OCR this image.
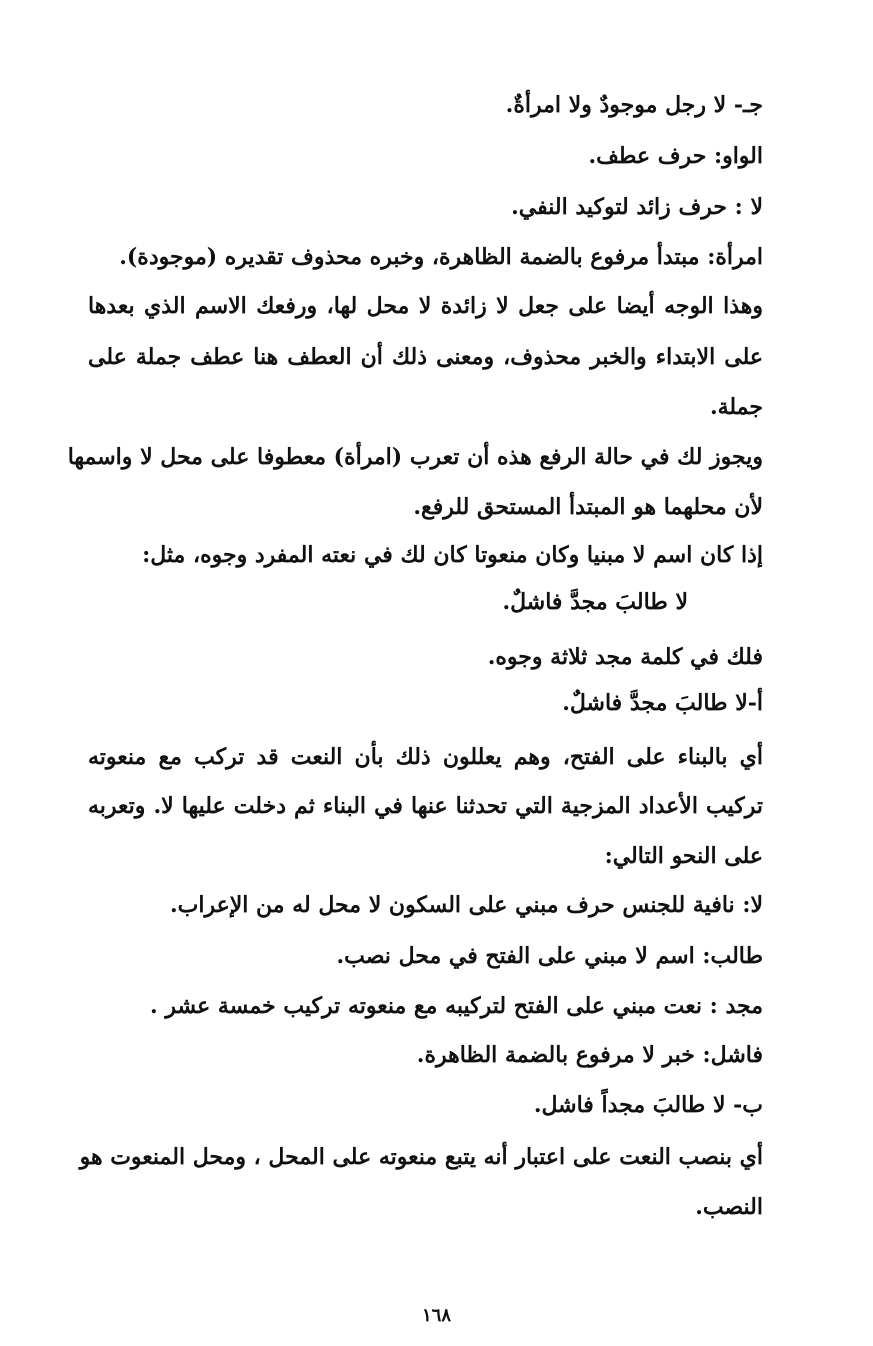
جـ- لا رجل موجودٌ ولا امرأةٌ.
الواو: حرف عطف.
لا : حرف زائد لتوكيد النفي.
امرأة: مبتدأ مرفوع بالضمة الظاهرة، وخبره محذوف تقديره (موجودة).
وهذا الوجه أيضا على جعل لا زائدة لا محل لها، ورفعك الاسم الذي بعدها
على الابتداء والخبر محذوف، ومعنى ذلك أن العطف هنا عطف جملة على
جملة.
ويجوز لك في حالة الرفع هذه أن تعرب (امرأة) معطوفا على محل لا واسمها
لأن محلهما هو المبتدأ المستحق للرفع.
إذا كان اسم لا مبنيا وكان منعوتا كان لك في نعته المفرد وجوه، مثل:
لا طالبَ مجدَّ فاشلٌ.
فلك في كلمة مجد ثلاثة وجوه.
أ-لا طالبَ مجدَّ فاشلٌ.
أي بالبناء على الفتح، وهم يعللون ذلك بأن النعت قد تركب مع منعوته
تركيب الأعداد المزجية التي تحدثنا عنها في البناء ثم دخلت عليها لا. وتعربه
على النحو التالي:
لا: نافية للجنس حرف مبني على السكون لا محل له من الإعراب.
طالب: اسم لا مبني على الفتح في محل نصب.
مجد : نعت مبني على الفتح لتركيبه مع منعوته تركيب خمسة عشر .
فاشل: خبر لا مرفوع بالضمة الظاهرة.
ب- لا طالبَ مجداً فاشل.
أي بنصب النعت على اعتبار أنه يتبع منعوته على المحل ، ومحل المنعوت هو
النصب.
١٦٨
